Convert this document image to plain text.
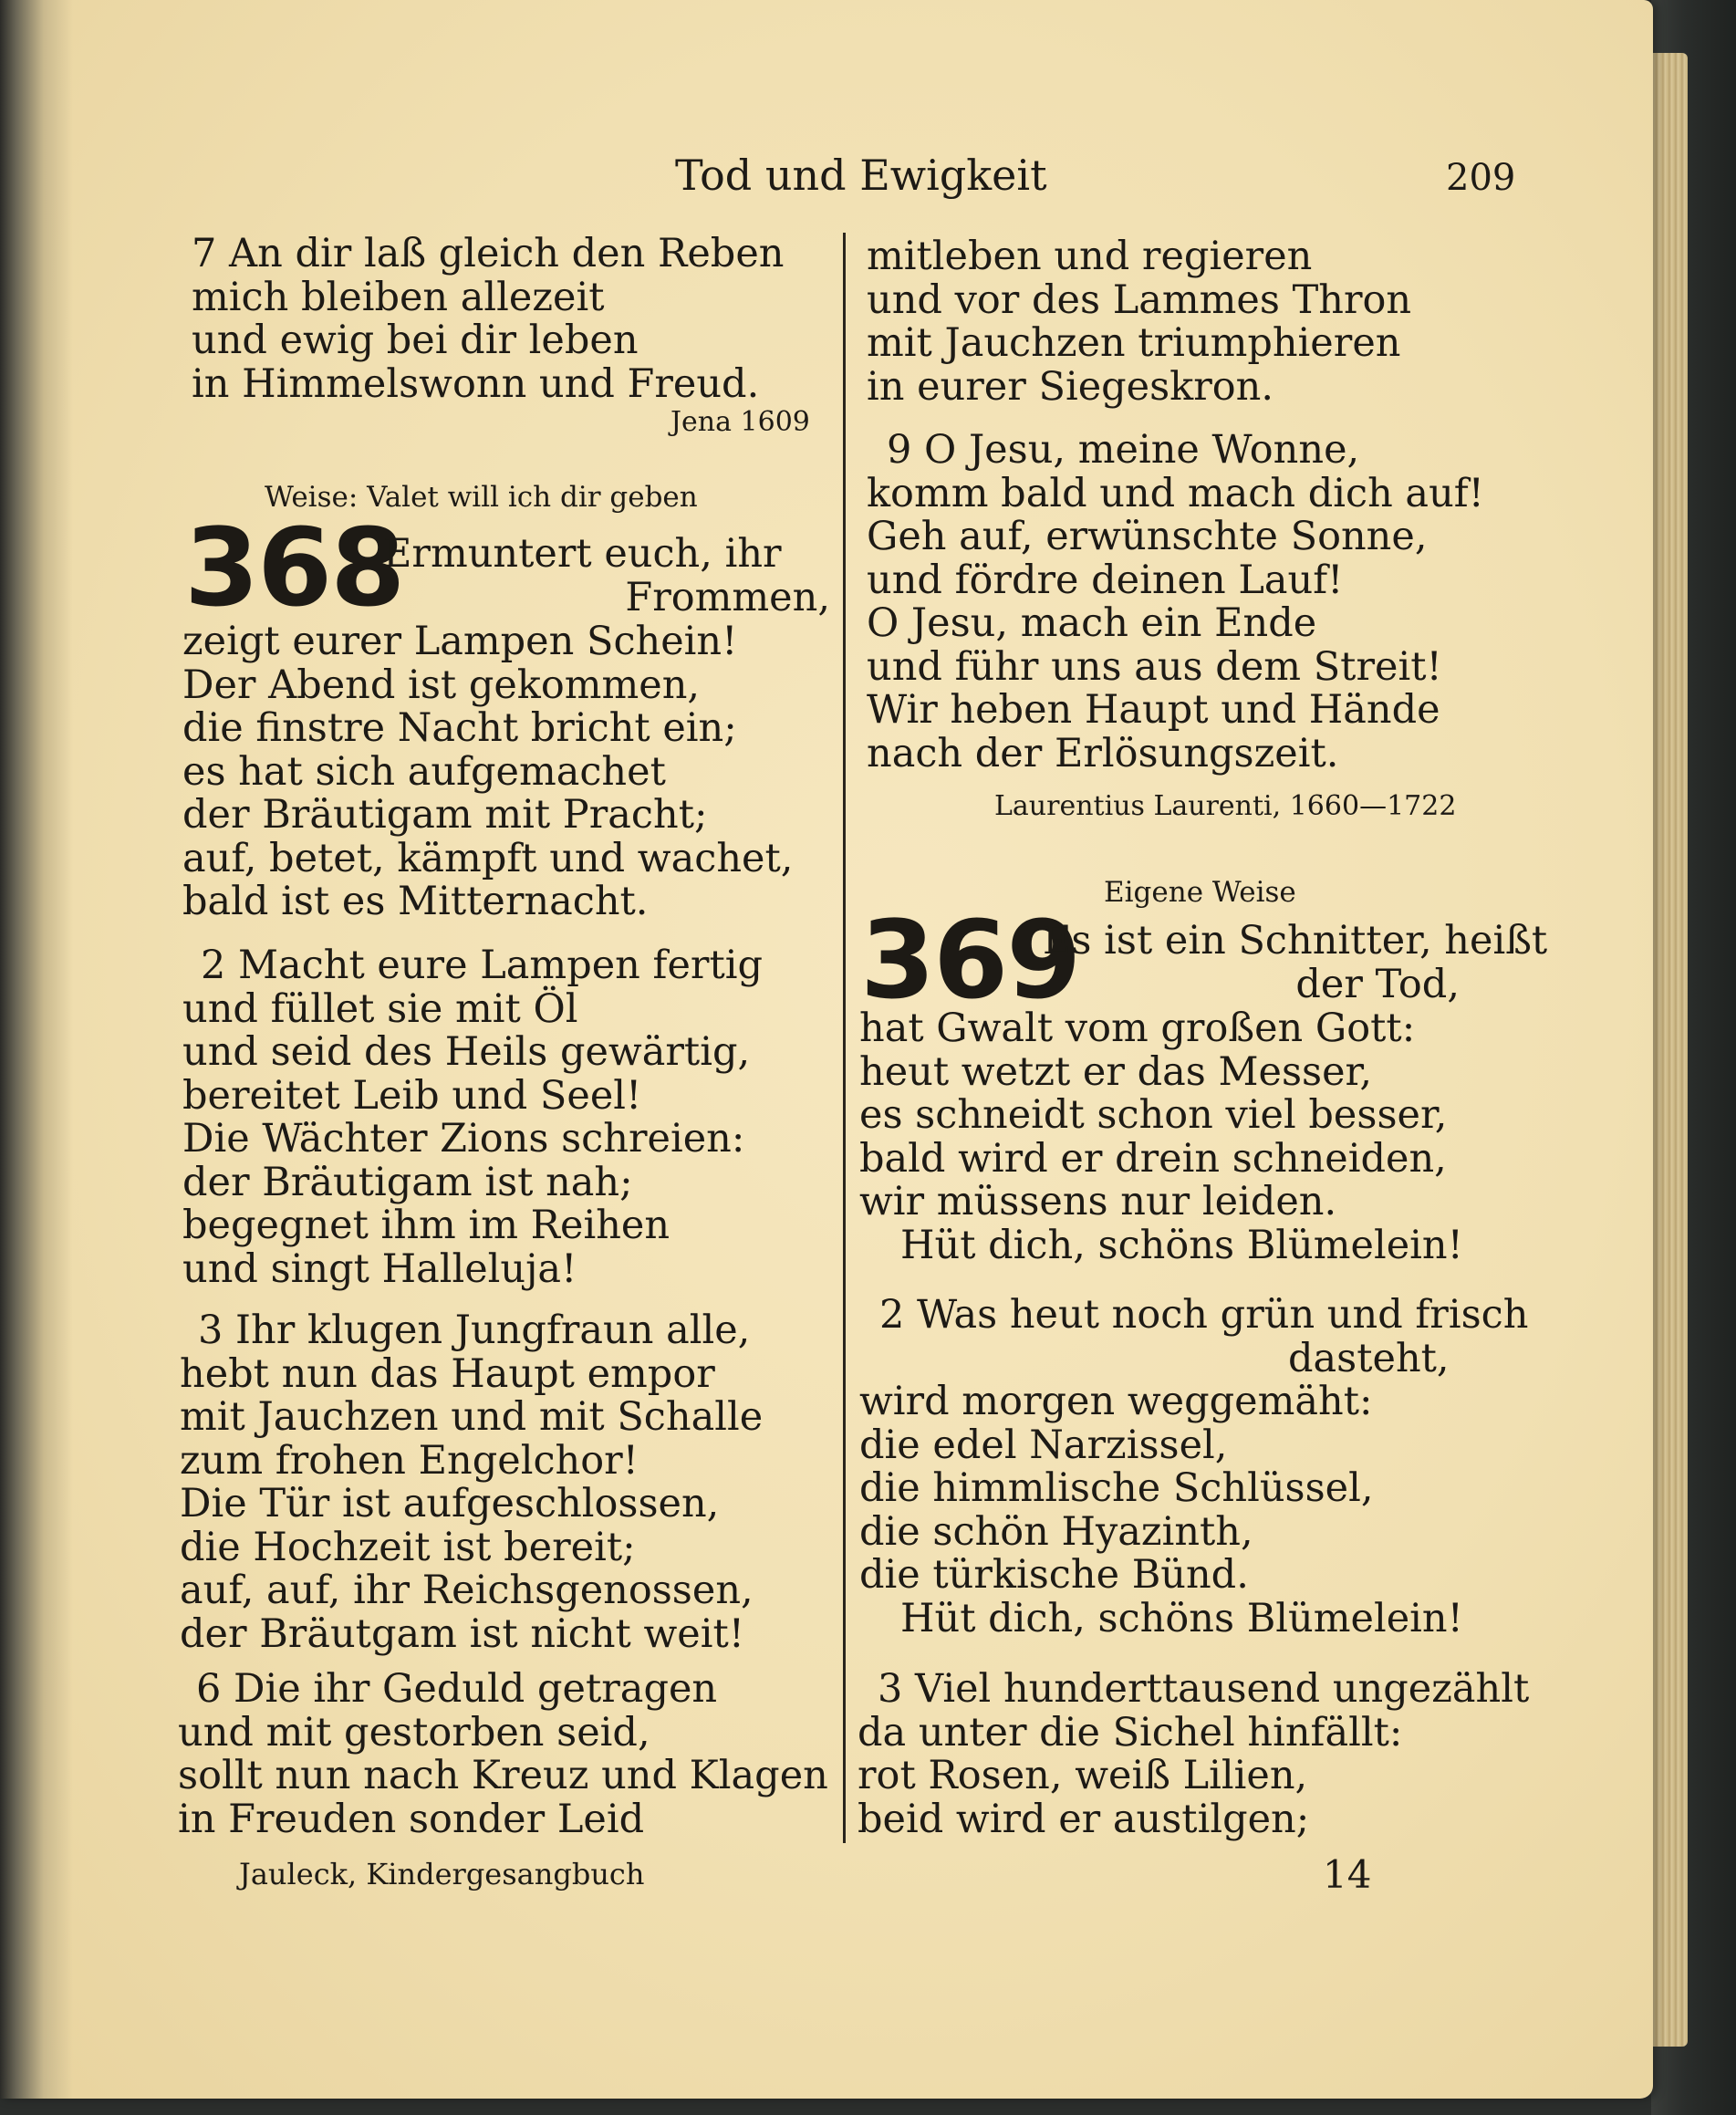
Tod und Ewigkeit	209
7 An dir laß gleich den Reben
mich bleiben allezeit
und ewig bei dir leben
in Himmelswonn und Freud.
Jena 1609
Weise: Valet will ich dir geben
368
Ermuntert euch, ihr
Frommen,
zeigt eurer Lampen Schein!
Der Abend ist gekommen,
die finstre Nacht bricht ein;
es hat sich aufgemachet
der Bräutigam mit Pracht;
auf, betet, kämpft und wachet,
bald ist es Mitternacht.
2 Macht eure Lampen fertig
und füllet sie mit Öl
und seid des Heils gewärtig,
bereitet Leib und Seel!
Die Wächter Zions schreien:
der Bräutigam ist nah;
begegnet ihm im Reihen
und singt Halleluja!
3 Ihr klugen Jungfraun alle,
hebt nun das Haupt empor
mit Jauchzen und mit Schalle
zum frohen Engelchor!
Die Tür ist aufgeschlossen,
die Hochzeit ist bereit;
auf, auf, ihr Reichsgenossen,
der Bräutgam ist nicht weit!
6 Die ihr Geduld getragen
und mit gestorben seid,
sollt nun nach Kreuz und Klagen
in Freuden sonder Leid
Jauleck, Kindergesangbuch
mitleben und regieren
und vor des Lammes Thron
mit Jauchzen triumphieren
in eurer Siegeskron.
9 O Jesu, meine Wonne,
komm bald und mach dich auf!
Geh auf, erwünschte Sonne,
und fördre deinen Lauf!
O Jesu, mach ein Ende
und führ uns aus dem Streit!
Wir heben Haupt und Hände
nach der Erlösungszeit.
Laurentius Laurenti, 1660—1722
Eigene Weise
369
Es ist ein Schnitter, heißt
der Tod,
hat Gwalt vom großen Gott:
heut wetzt er das Messer,
es schneidt schon viel besser,
bald wird er drein schneiden,
wir müssens nur leiden.
Hüt dich, schöns Blümelein!
2 Was heut noch grün und frisch
dasteht,
wird morgen weggemäht:
die edel Narzissel,
die himmlische Schlüssel,
die schön Hyazinth,
die türkische Bünd.
Hüt dich, schöns Blümelein!
3 Viel hunderttausend ungezählt
da unter die Sichel hinfällt:
rot Rosen, weiß Lilien,
beid wird er austilgen;
14
